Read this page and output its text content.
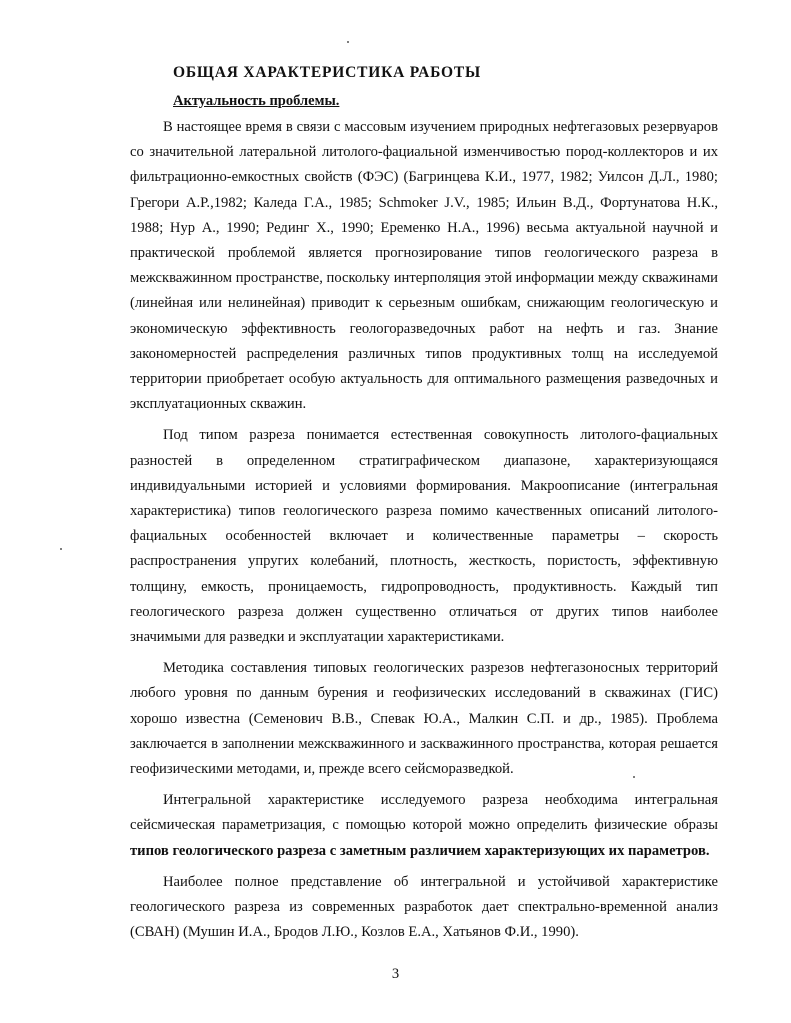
ОБЩАЯ ХАРАКТЕРИСТИКА РАБОТЫ
Актуальность проблемы.

В настоящее время в связи с массовым изучением природных нефтегазовых резервуаров со значительной латеральной литолого-фациальной изменчивостью пород-коллекторов и их фильтрационно-емкостных свойств (ФЭС) (Багринцева К.И., 1977, 1982; Уилсон Д.Л., 1980; Грегори А.Р.,1982; Каледа Г.А., 1985; Schmoker J.V., 1985; Ильин В.Д., Фортунатова Н.К., 1988; Нур А., 1990; Рединг Х., 1990; Еременко Н.А., 1996) весьма актуальной научной и практической проблемой является прогнозирование типов геологического разреза в межскважинном пространстве, поскольку интерполяция этой информации между скважинами (линейная или нелинейная) приводит к серьезным ошибкам, снижающим геологическую и экономическую эффективность геологоразведочных работ на нефть и газ. Знание закономерностей распределения различных типов продуктивных толщ на исследуемой территории приобретает особую актуальность для оптимального размещения разведочных и эксплуатационных скважин.

Под типом разреза понимается естественная совокупность литолого-фациальных разностей в определенном стратиграфическом диапазоне, характеризующаяся индивидуальными историей и условиями формирования. Макроописание (интегральная характеристика) типов геологического разреза помимо качественных описаний литолого-фациальных особенностей включает и количественные параметры – скорость распространения упругих колебаний, плотность, жесткость, пористость, эффективную толщину, емкость, проницаемость, гидропроводность, продуктивность. Каждый тип геологического разреза должен существенно отличаться от других типов наиболее значимыми для разведки и эксплуатации характеристиками.

Методика составления типовых геологических разрезов нефтегазоносных территорий любого уровня по данным бурения и геофизических исследований в скважинах (ГИС) хорошо известна (Семенович В.В., Спевак Ю.А., Малкин С.П. и др., 1985). Проблема заключается в заполнении межскважинного и засквaжинного пространства, которая решается геофизическими методами, и, прежде всего сейсморазведкой.

Интегральной характеристике исследуемого разреза необходима интегральная сейсмическая параметризация, с помощью которой можно определить физические образы типов геологического разреза с заметным различием характеризующих их параметров.

Наиболее полное представление об интегральной и устойчивой характеристике геологического разреза из современных разработок дает спектрально-временной анализ (СВАН) (Мушин И.А., Бродов Л.Ю., Козлов Е.А., Хатьянов Ф.И., 1990).

3
